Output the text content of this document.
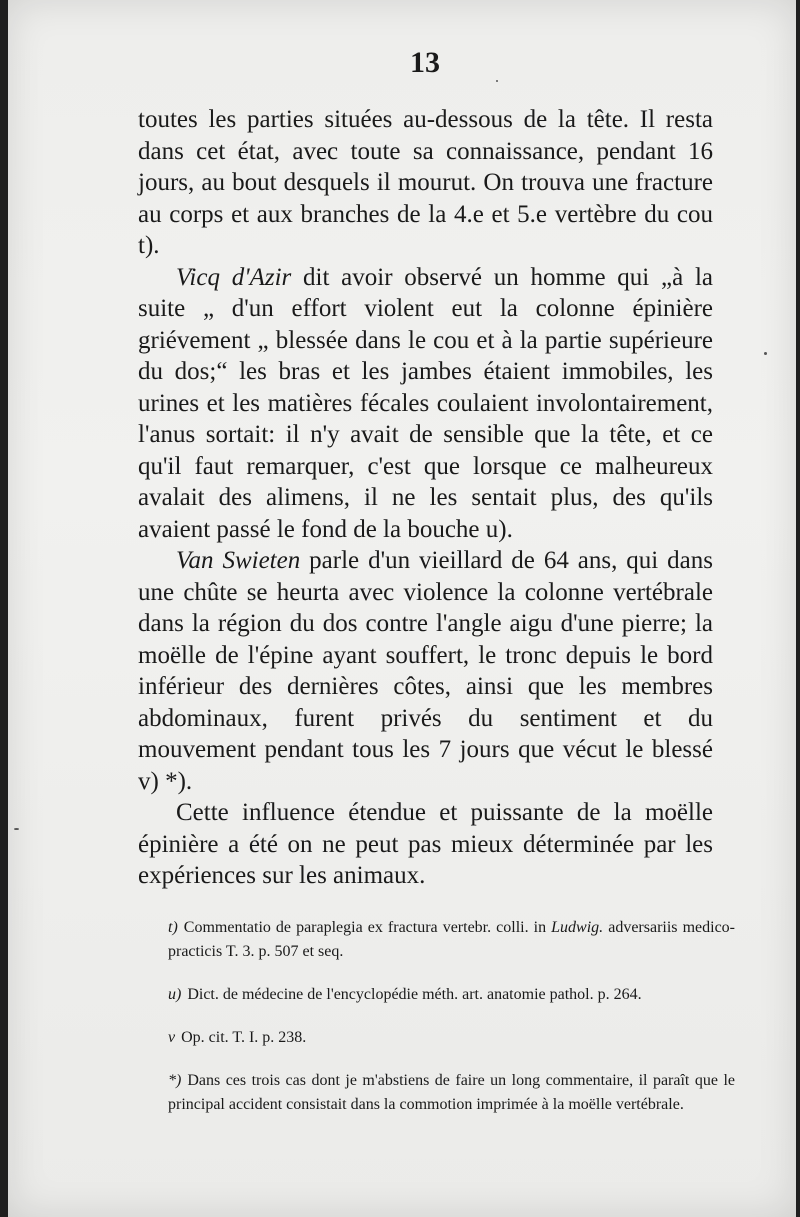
13

toutes les parties situées au-dessous de la tête. Il resta dans cet état, avec toute sa connaissance, pendant 16 jours, au bout desquels il mourut. On trouva une fracture au corps et aux branches de la 4.e et 5.e vertèbre du cou t).

Vicq d'Azir dit avoir observé un homme qui „à la suite „ d'un effort violent eut la colonne épinière griévement „ blessée dans le cou et à la partie supérieure du dos;“ les bras et les jambes étaient immobiles, les urines et les matières fécales coulaient involontairement, l'anus sortait: il n'y avait de sensible que la tête, et ce qu'il faut remarquer, c'est que lorsque ce malheureux avalait des alimens, il ne les sentait plus, des qu'ils avaient passé le fond de la bouche u).

Van Swieten parle d'un vieillard de 64 ans, qui dans une chûte se heurta avec violence la colonne vertébrale dans la région du dos contre l'angle aigu d'une pierre; la moëlle de l'épine ayant souffert, le tronc depuis le bord inférieur des dernières côtes, ainsi que les membres abdominaux, furent privés du sentiment et du mouvement pendant tous les 7 jours que vécut le blessé v) *).

Cette influence étendue et puissante de la moëlle épinière a été on ne peut pas mieux déterminée par les expériences sur les animaux.

t) Commentatio de paraplegia ex fractura vertebr. colli. in Ludwig. adversariis medico-practicis T. 3. p. 507 et seq.

u) Dict. de médecine de l'encyclopédie méth. art. anatomie pathol. p. 264.

v Op. cit. T. I. p. 238.

*) Dans ces trois cas dont je m'abstiens de faire un long commentaire, il paraît que le principal accident consistait dans la commotion imprimée à la moëlle vertébrale.
